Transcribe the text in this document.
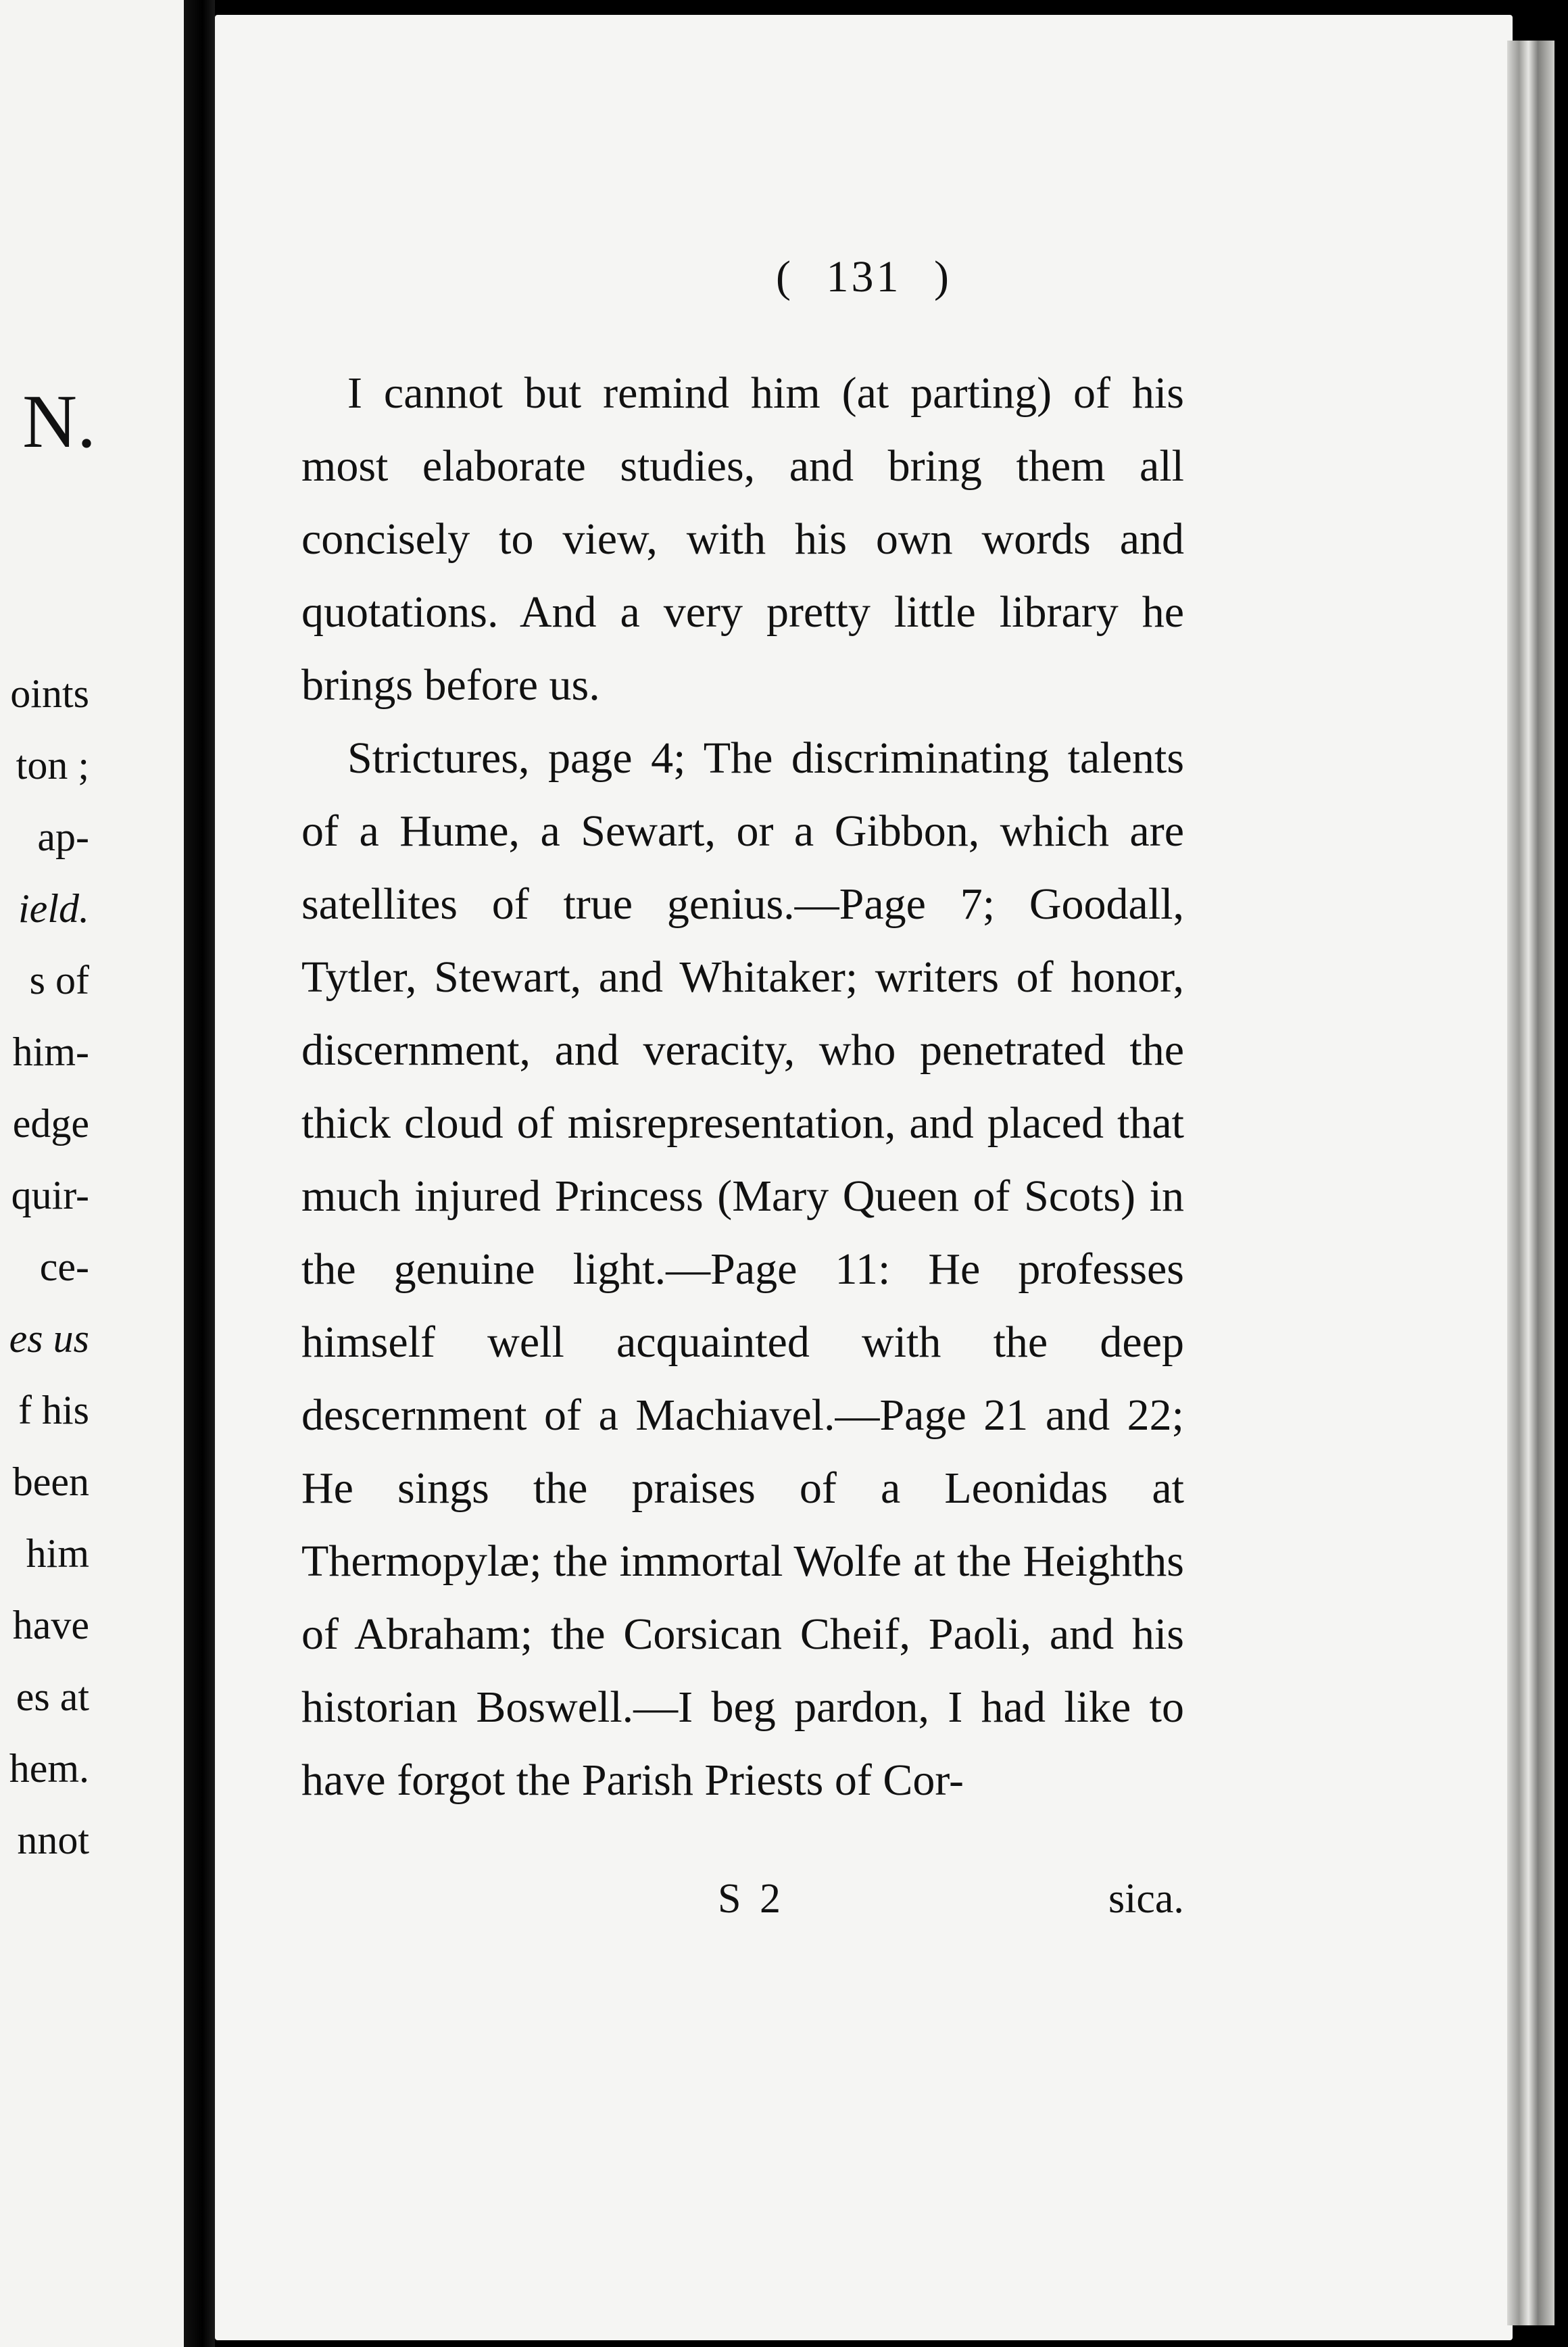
N.
oints
ton ;
ap-
ield.
s of
him-
edge
quir-
ce-
es us
f his
been
him
have
es at
hem.
nnot
( 131 )

I cannot but remind him (at parting) of his most elaborate studies, and bring them all concisely to view, with his own words and quotations. And a very pretty little library he brings before us.

Strictures, page 4; The discriminating talents of a Hume, a Sewart, or a Gibbon, which are satellites of true genius.—Page 7; Goodall, Tytler, Stewart, and Whitaker; writers of honor, discernment, and veracity, who penetrated the thick cloud of misrepresentation, and placed that much injured Princess (Mary Queen of Scots) in the genuine light.—Page 11: He professes himself well acquainted with the deep descernment of a Machiavel.—Page 21 and 22; He sings the praises of a Leonidas at Thermopylæ; the immortal Wolfe at the Heighths of Abraham; the Corsican Cheif, Paoli, and his historian Boswell.—I beg pardon, I had like to have forgot the Parish Priests of Cor-

S 2	sica.
